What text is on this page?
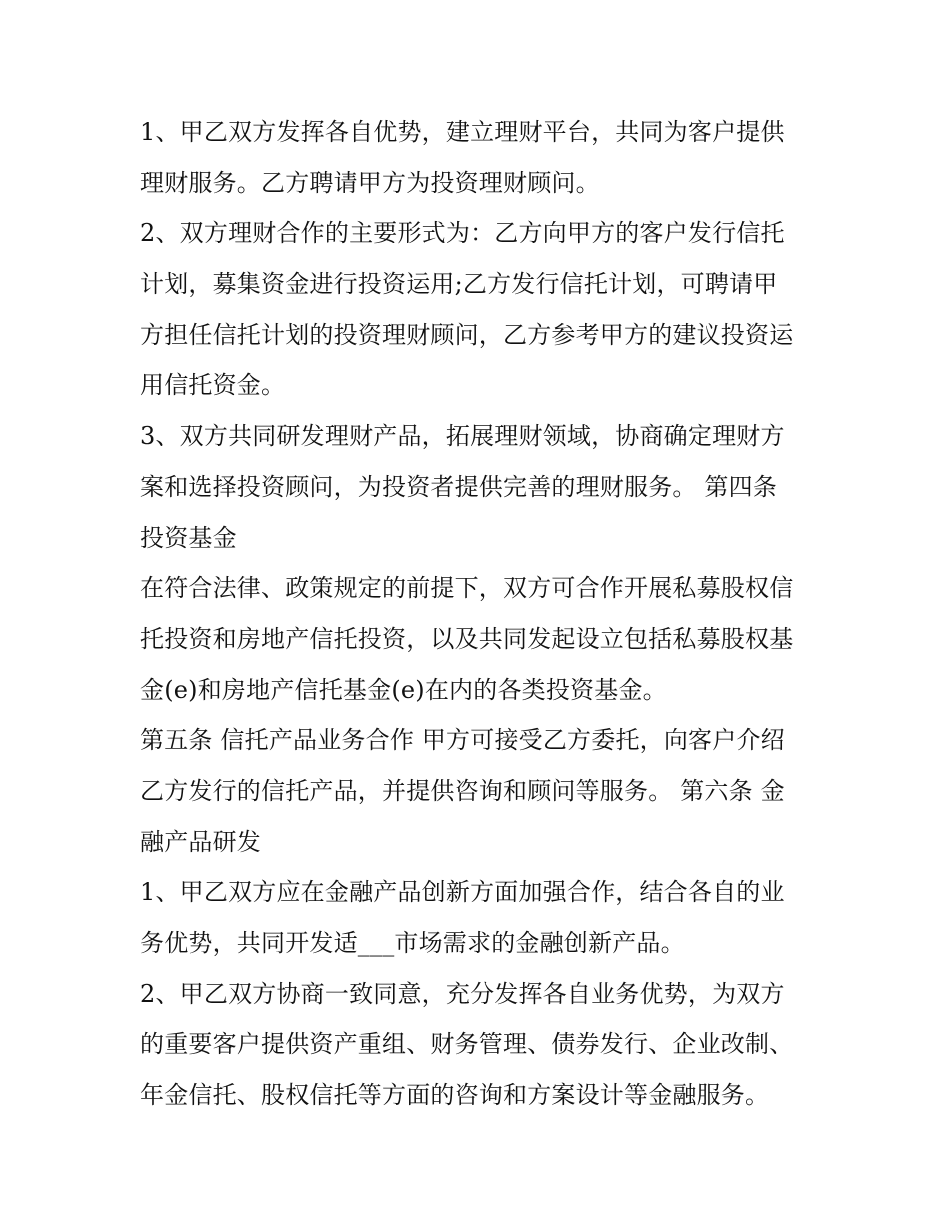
1、甲乙双方发挥各自优势，建立理财平台，共同为客户提供
理财服务。乙方聘请甲方为投资理财顾问。
2、双方理财合作的主要形式为：乙方向甲方的客户发行信托
计划，募集资金进行投资运用;乙方发行信托计划，可聘请甲
方担任信托计划的投资理财顾问，乙方参考甲方的建议投资运
用信托资金。
3、双方共同研发理财产品，拓展理财领域，协商确定理财方
案和选择投资顾问，为投资者提供完善的理财服务。 第四条
投资基金
在符合法律、政策规定的前提下，双方可合作开展私募股权信
托投资和房地产信托投资，以及共同发起设立包括私募股权基
金(e)和房地产信托基金(e)在内的各类投资基金。
第五条 信托产品业务合作 甲方可接受乙方委托，向客户介绍
乙方发行的信托产品，并提供咨询和顾问等服务。 第六条 金
融产品研发
1、甲乙双方应在金融产品创新方面加强合作，结合各自的业
务优势，共同开发适___市场需求的金融创新产品。
2、甲乙双方协商一致同意，充分发挥各自业务优势，为双方
的重要客户提供资产重组、财务管理、债券发行、企业改制、
年金信托、股权信托等方面的咨询和方案设计等金融服务。
